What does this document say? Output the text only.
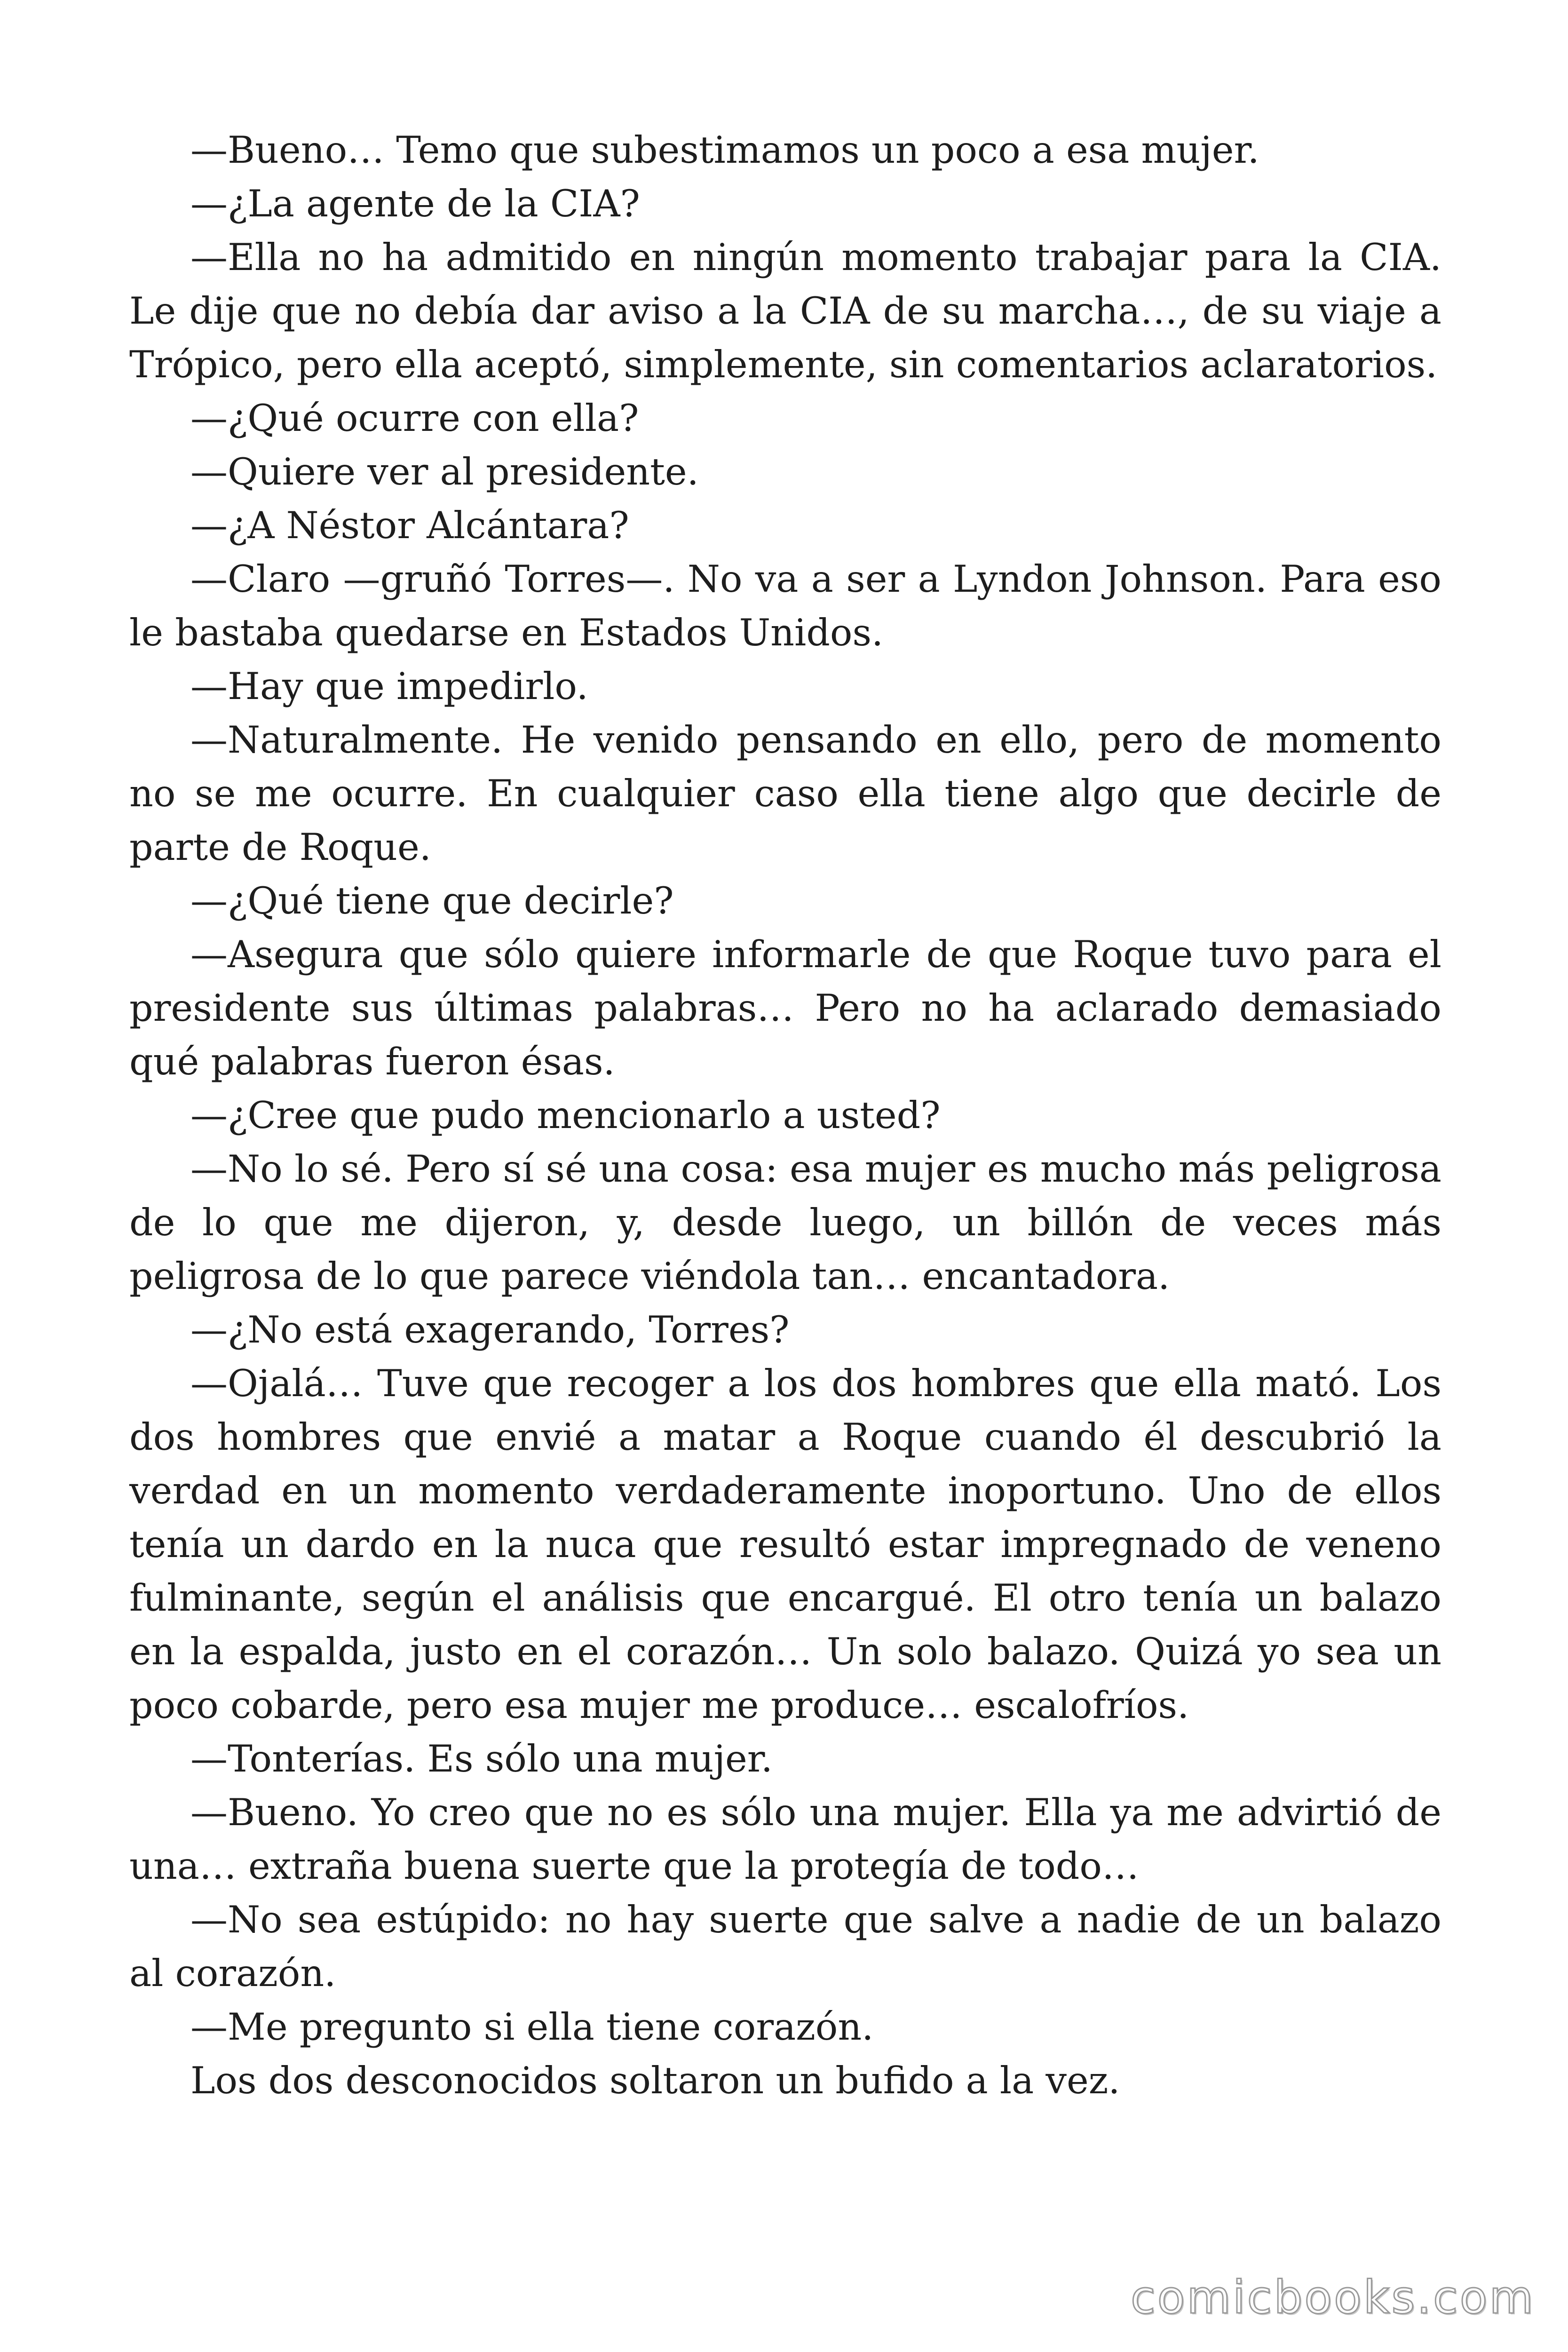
—Bueno… Temo que subestimamos un poco a esa mujer.

—¿La agente de la CIA?

—Ella no ha admitido en ningún momento trabajar para la CIA. Le dije que no debía dar aviso a la CIA de su marcha…, de su viaje a Trópico, pero ella aceptó, simplemente, sin comentarios aclaratorios.

—¿Qué ocurre con ella?

—Quiere ver al presidente.

—¿A Néstor Alcántara?

—Claro —gruñó Torres—. No va a ser a Lyndon Johnson. Para eso le bastaba quedarse en Estados Unidos.

—Hay que impedirlo.

—Naturalmente. He venido pensando en ello, pero de momento no se me ocurre. En cualquier caso ella tiene algo que decirle de parte de Roque.

—¿Qué tiene que decirle?

—Asegura que sólo quiere informarle de que Roque tuvo para el presidente sus últimas palabras… Pero no ha aclarado demasiado qué palabras fueron ésas.

—¿Cree que pudo mencionarlo a usted?

—No lo sé. Pero sí sé una cosa: esa mujer es mucho más peligrosa de lo que me dijeron, y, desde luego, un billón de veces más peligrosa de lo que parece viéndola tan… encantadora.

—¿No está exagerando, Torres?

—Ojalá… Tuve que recoger a los dos hombres que ella mató. Los dos hombres que envié a matar a Roque cuando él descubrió la verdad en un momento verdaderamente inoportuno. Uno de ellos tenía un dardo en la nuca que resultó estar impregnado de veneno fulminante, según el análisis que encargué. El otro tenía un balazo en la espalda, justo en el corazón… Un solo balazo. Quizá yo sea un poco cobarde, pero esa mujer me produce… escalofríos.

—Tonterías. Es sólo una mujer.

—Bueno. Yo creo que no es sólo una mujer. Ella ya me advirtió de una… extraña buena suerte que la protegía de todo…

—No sea estúpido: no hay suerte que salve a nadie de un balazo al corazón.

—Me pregunto si ella tiene corazón.

Los dos desconocidos soltaron un bufido a la vez.

comicbooks.com
